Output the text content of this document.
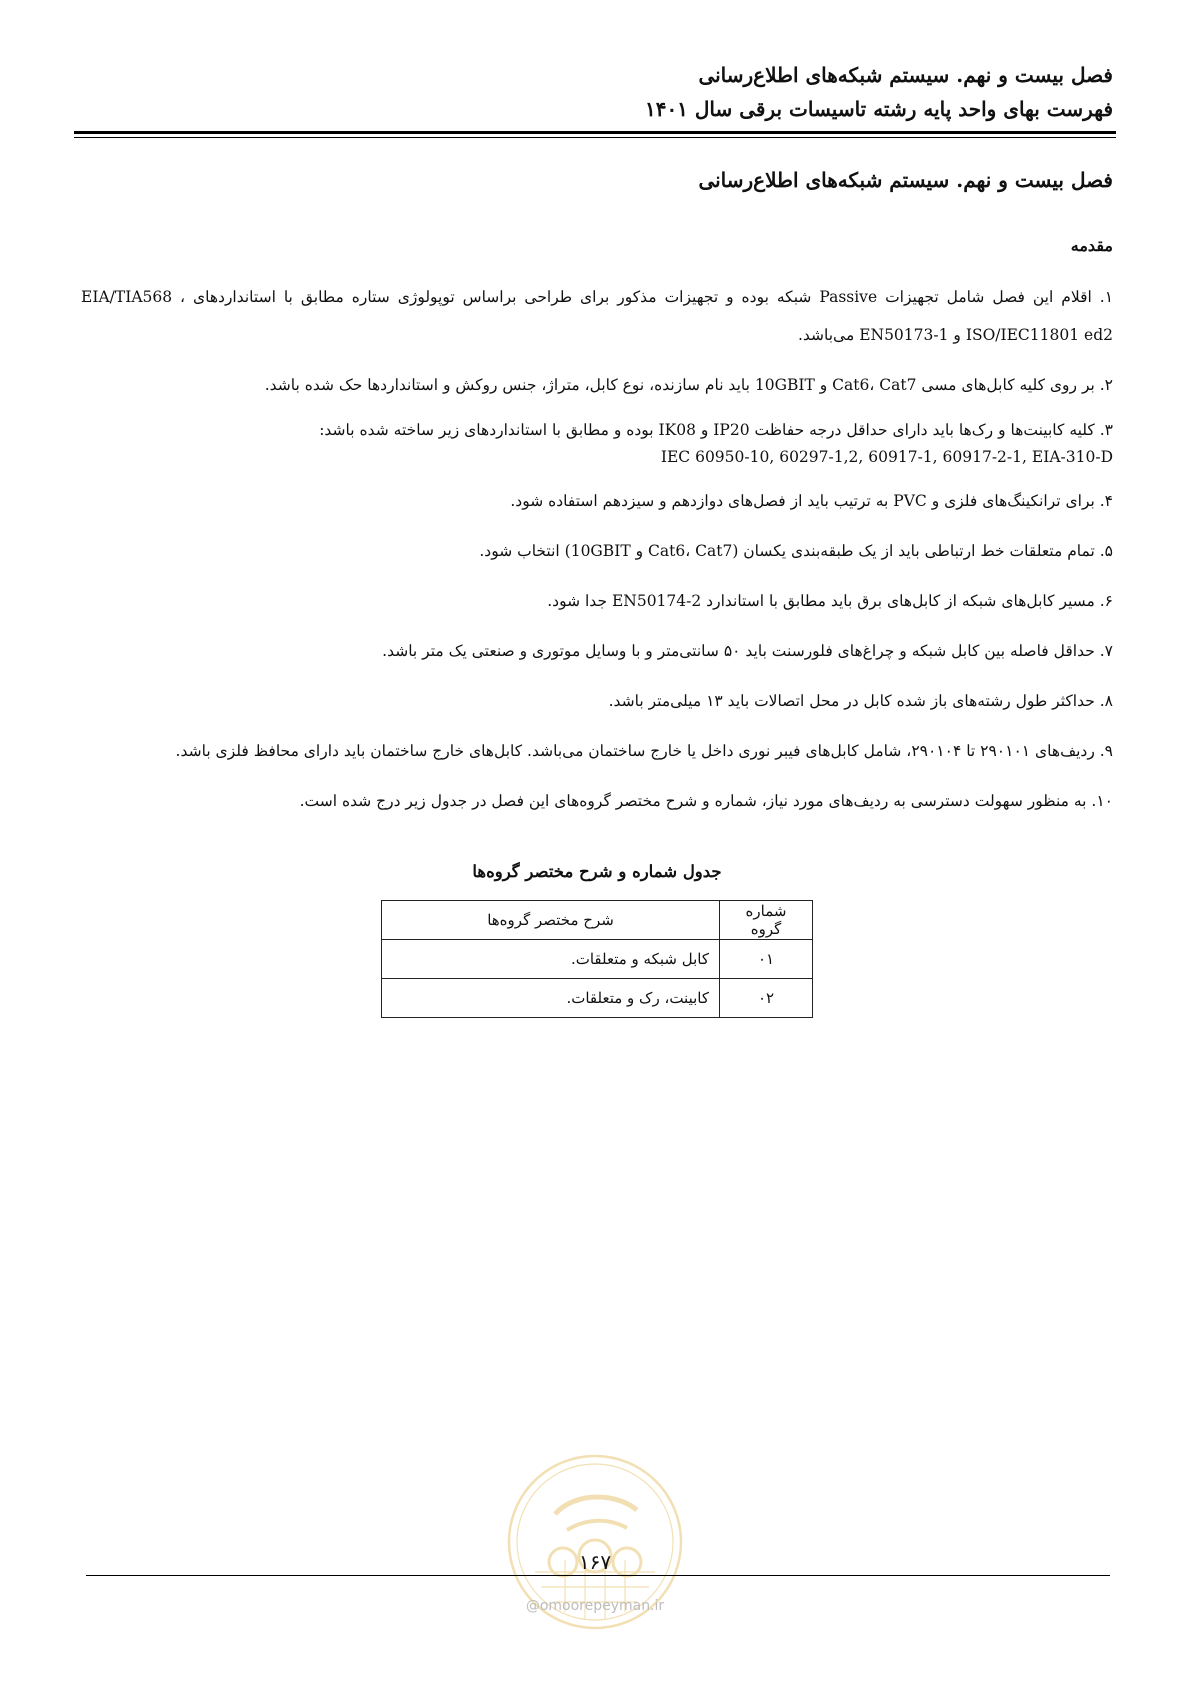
فصل بیست و نهم. سیستم شبکه‌های اطلاع‌رسانی
فهرست بهای واحد پایه رشته تاسیسات برقی سال ۱۴۰۱
فصل بیست و نهم. سیستم شبکه‌های اطلاع‌رسانی
مقدمه

۱. اقلام این فصل شامل تجهیزات Passive شبکه بوده و تجهیزات مذکور برای طراحی براساس توپولوژی ستاره مطابق با استانداردهای EIA/TIA568 ، ISO/IEC11801 ed2 و EN50173-1 می‌باشد.

۲. بر روی کلیه کابل‌های مسی Cat6، Cat7 و 10GBIT باید نام سازنده، نوع کابل، متراژ، جنس روکش و استانداردها حک شده باشد.

۳. کلیه کابینت‌ها و رک‌ها باید دارای حداقل درجه حفاظت IP20 و IK08 بوده و مطابق با استانداردهای زیر ساخته شده باشد:
IEC 60950-10, 60297-1,2, 60917-1, 60917-2-1, EIA-310-D

۴. برای ترانکینگ‌های فلزی و PVC به ترتیب باید از فصل‌های دوازدهم و سیزدهم استفاده شود.

۵. تمام متعلقات خط ارتباطی باید از یک طبقه‌بندی یکسان (Cat6، Cat7 و 10GBIT) انتخاب شود.

۶. مسیر کابل‌های شبکه از کابل‌های برق باید مطابق با استاندارد EN50174-2 جدا شود.

۷. حداقل فاصله بین کابل شبکه و چراغ‌های فلورسنت باید ۵۰ سانتی‌متر و با وسایل موتوری و صنعتی یک متر باشد.

۸. حداکثر طول رشته‌های باز شده کابل در محل اتصالات باید ۱۳ میلی‌متر باشد.

۹. ردیف‌های ۲۹۰۱۰۱ تا ۲۹۰۱۰۴، شامل کابل‌های فیبر نوری داخل یا خارج ساختمان می‌باشد. کابل‌های خارج ساختمان باید دارای محافظ فلزی باشد.

۱۰. به منظور سهولت دسترسی به ردیف‌های مورد نیاز، شماره و شرح مختصر گروه‌های این فصل در جدول زیر درج شده است.

جدول شماره و شرح مختصر گروه‌ها
شماره گروه	شرح مختصر گروه‌ها
۰۱	کابل شبکه و متعلقات.
۰۲	کابینت، رک و متعلقات.
۱۶۷
@omoorepeyman.ir
